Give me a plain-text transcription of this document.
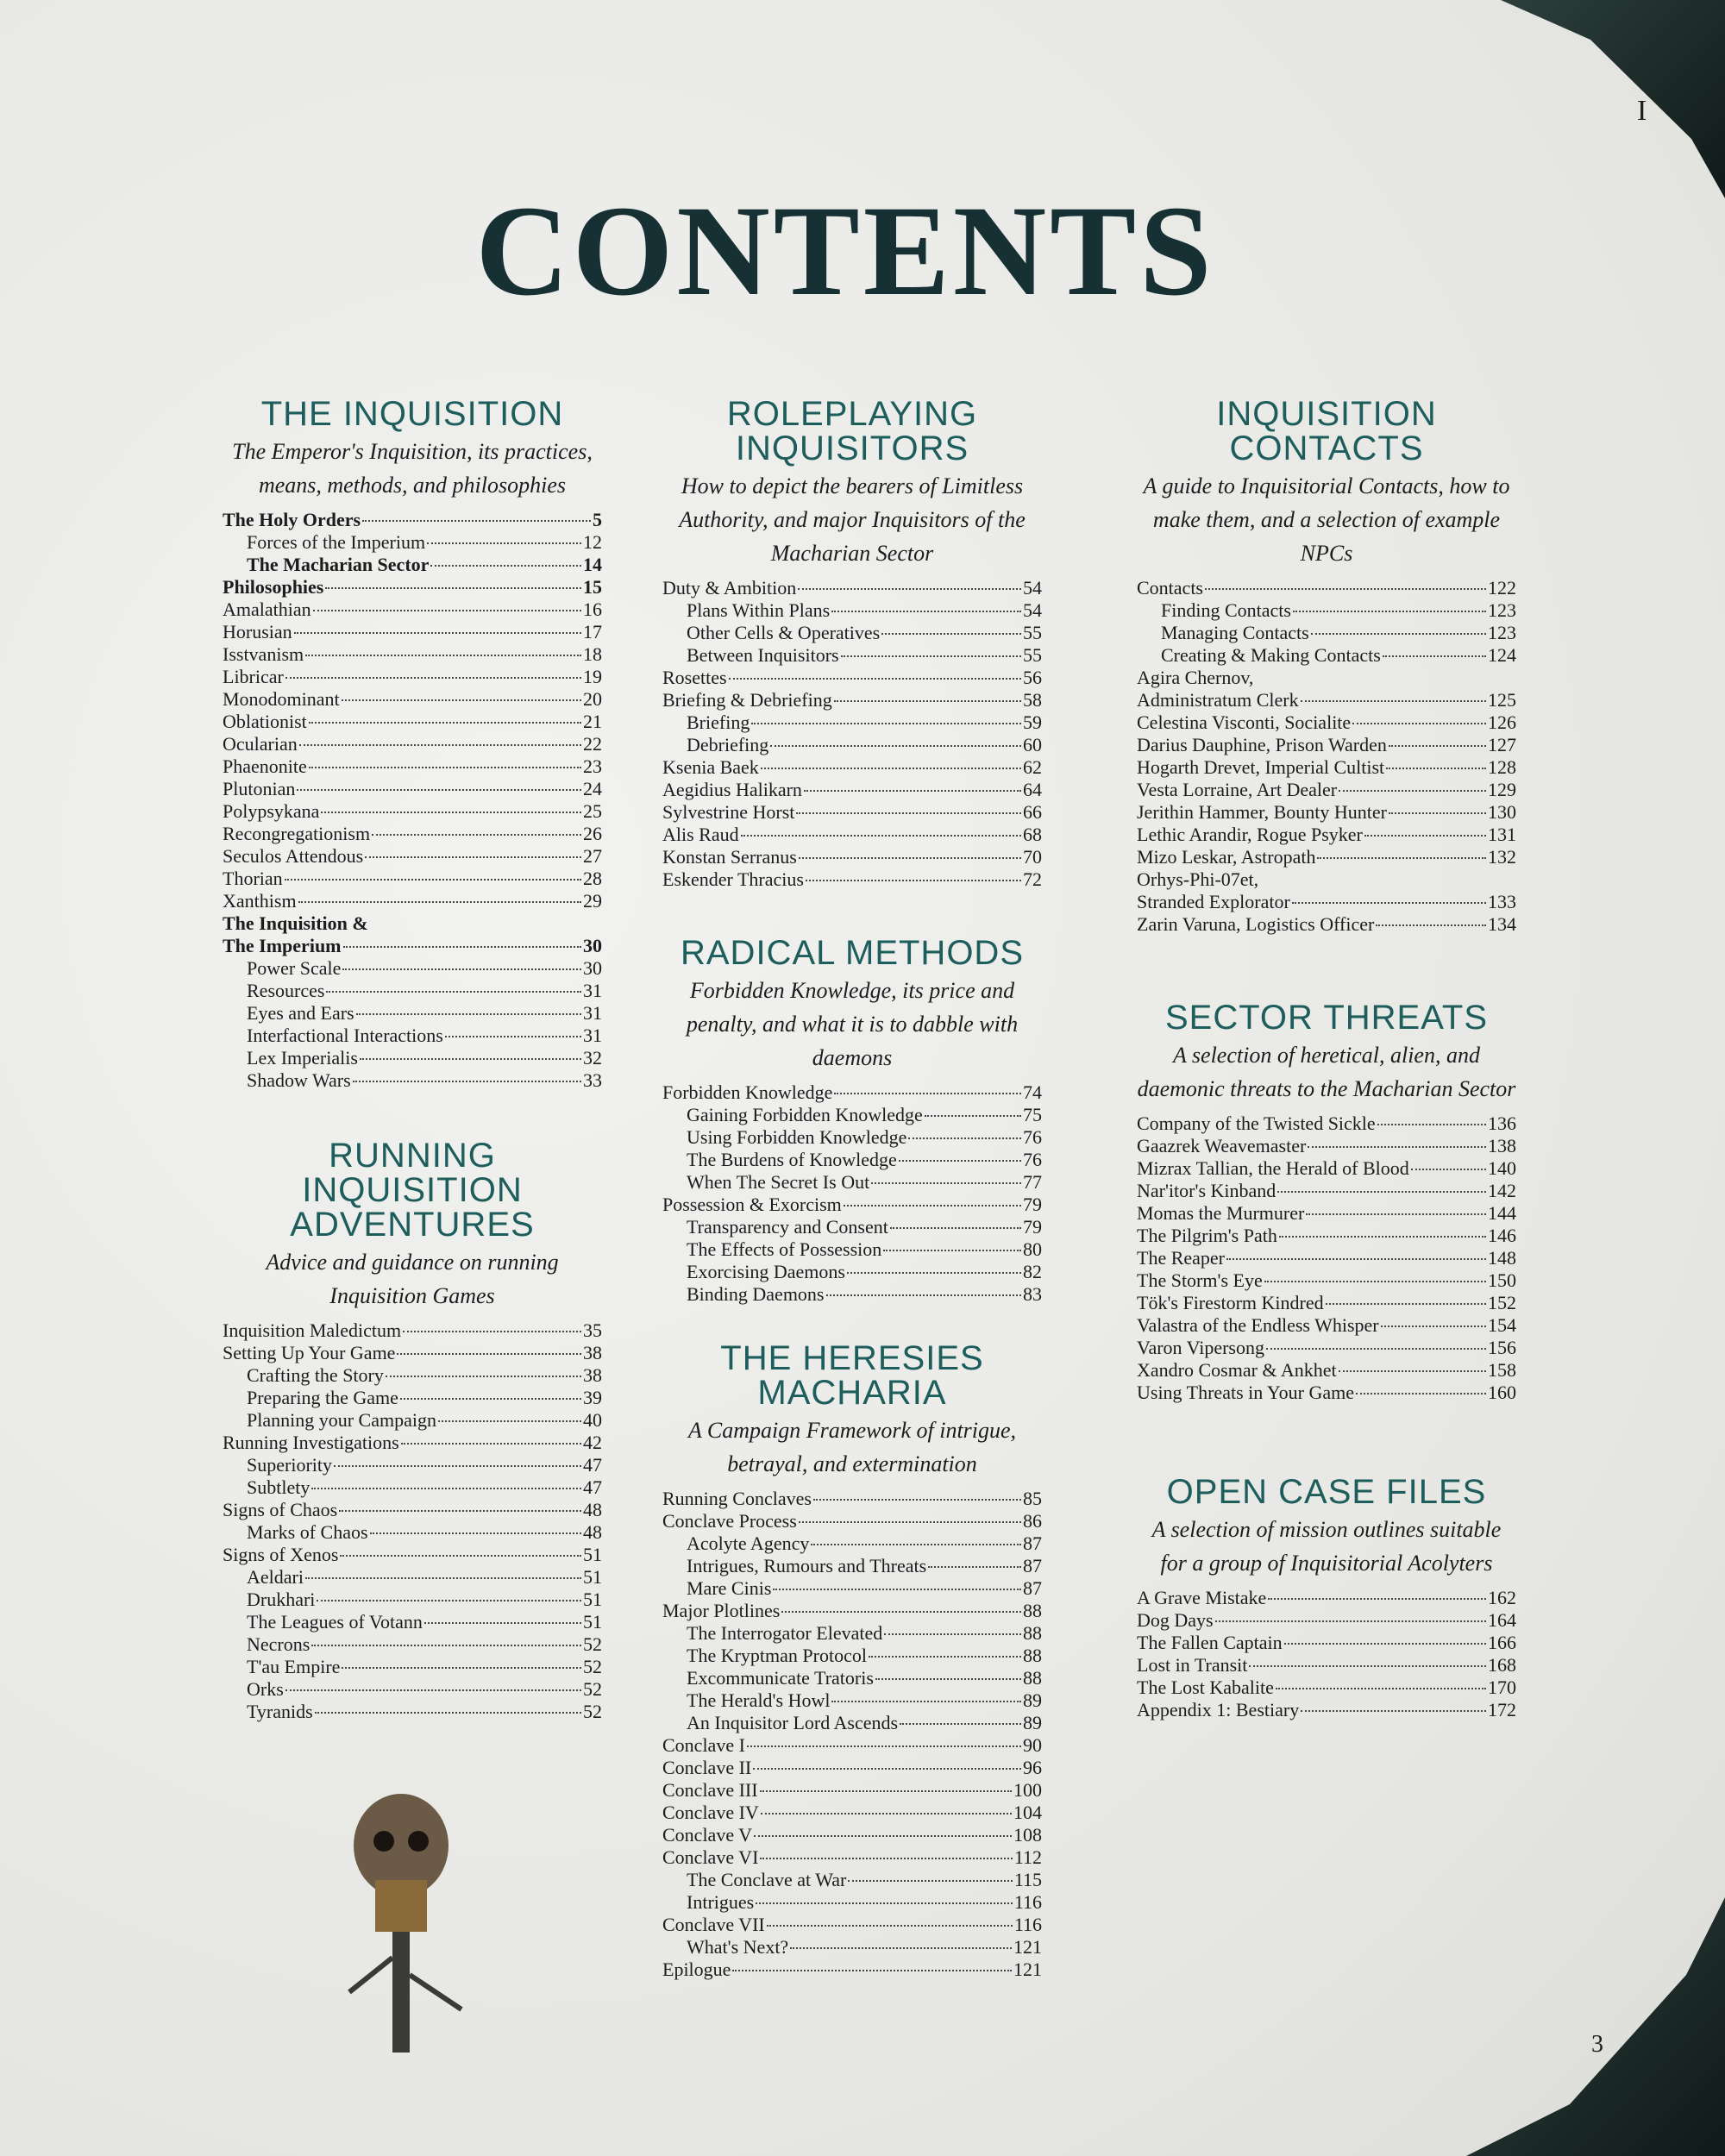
I
CONTENTS
THE INQUISITION
The Emperor's Inquisition, its practices, means, methods, and philosophies
The Holy Orders	5
Forces of the Imperium	12
The Macharian Sector	14
Philosophies	15
Amalathian	16
Horusian	17
Isstvanism	18
Libricar	19
Monodominant	20
Oblationist	21
Ocularian	22
Phaenonite	23
Plutonian	24
Polypsykana	25
Recongregationism	26
Seculos Attendous	27
Thorian	28
Xanthism	29
The Inquisition &
The Imperium	30
Power Scale	30
Resources	31
Eyes and Ears	31
Interfactional Interactions	31
Lex Imperialis	32
Shadow Wars	33
RUNNING
INQUISITION
ADVENTURES
Advice and guidance on running Inquisition Games
Inquisition Maledictum	35
Setting Up Your Game	38
Crafting the Story	38
Preparing the Game	39
Planning your Campaign	40
Running Investigations	42
Superiority	47
Subtlety	47
Signs of Chaos	48
Marks of Chaos	48
Signs of Xenos	51
Aeldari	51
Drukhari	51
The Leagues of Votann	51
Necrons	52
T'au Empire	52
Orks	52
Tyranids	52
ROLEPLAYING
INQUISITORS
How to depict the bearers of Limitless Authority, and major Inquisitors of the Macharian Sector
Duty & Ambition	54
Plans Within Plans	54
Other Cells & Operatives	55
Between Inquisitors	55
Rosettes	56
Briefing & Debriefing	58
Briefing	59
Debriefing	60
Ksenia Baek	62
Aegidius Halikarn	64
Sylvestrine Horst	66
Alis Raud	68
Konstan Serranus	70
Eskender Thracius	72
RADICAL METHODS
Forbidden Knowledge, its price and penalty, and what it is to dabble with daemons
Forbidden Knowledge	74
Gaining Forbidden Knowledge	75
Using Forbidden Knowledge	76
The Burdens of Knowledge	76
When The Secret Is Out	77
Possession & Exorcism	79
Transparency and Consent	79
The Effects of Possession	80
Exorcising Daemons	82
Binding Daemons	83
THE HERESIES
MACHARIA
A Campaign Framework of intrigue, betrayal, and extermination
Running Conclaves	85
Conclave Process	86
Acolyte Agency	87
Intrigues, Rumours and Threats	87
Mare Cinis	87
Major Plotlines	88
The Interrogator Elevated	88
The Kryptman Protocol	88
Excommunicate Tratoris	88
The Herald's Howl	89
An Inquisitor Lord Ascends	89
Conclave I	90
Conclave II	96
Conclave III	100
Conclave IV	104
Conclave V	108
Conclave VI	112
The Conclave at War	115
Intrigues	116
Conclave VII	116
What's Next?	121
Epilogue	121
INQUISITION
CONTACTS
A guide to Inquisitorial Contacts, how to make them, and a selection of example NPCs
Contacts	122
Finding Contacts	123
Managing Contacts	123
Creating & Making Contacts	124
Agira Chernov,
Administratum Clerk	125
Celestina Visconti, Socialite	126
Darius Dauphine, Prison Warden	127
Hogarth Drevet, Imperial Cultist	128
Vesta Lorraine, Art Dealer	129
Jerithin Hammer, Bounty Hunter	130
Lethic Arandir, Rogue Psyker	131
Mizo Leskar, Astropath	132
Orhys-Phi-07et,
Stranded Explorator	133
Zarin Varuna, Logistics Officer	134
SECTOR THREATS
A selection of heretical, alien, and daemonic threats to the Macharian Sector
Company of the Twisted Sickle	136
Gaazrek Weavemaster	138
Mizrax Tallian, the Herald of Blood	140
Nar'itor's Kinband	142
Momas the Murmurer	144
The Pilgrim's Path	146
The Reaper	148
The Storm's Eye	150
Tök's Firestorm Kindred	152
Valastra of the Endless Whisper	154
Varon Vipersong	156
Xandro Cosmar & Ankhet	158
Using Threats in Your Game	160
OPEN CASE FILES
A selection of mission outlines suitable for a group of Inquisitorial Acolyters
A Grave Mistake	162
Dog Days	164
The Fallen Captain	166
Lost in Transit	168
The Lost Kabalite	170
Appendix 1: Bestiary	172
3
